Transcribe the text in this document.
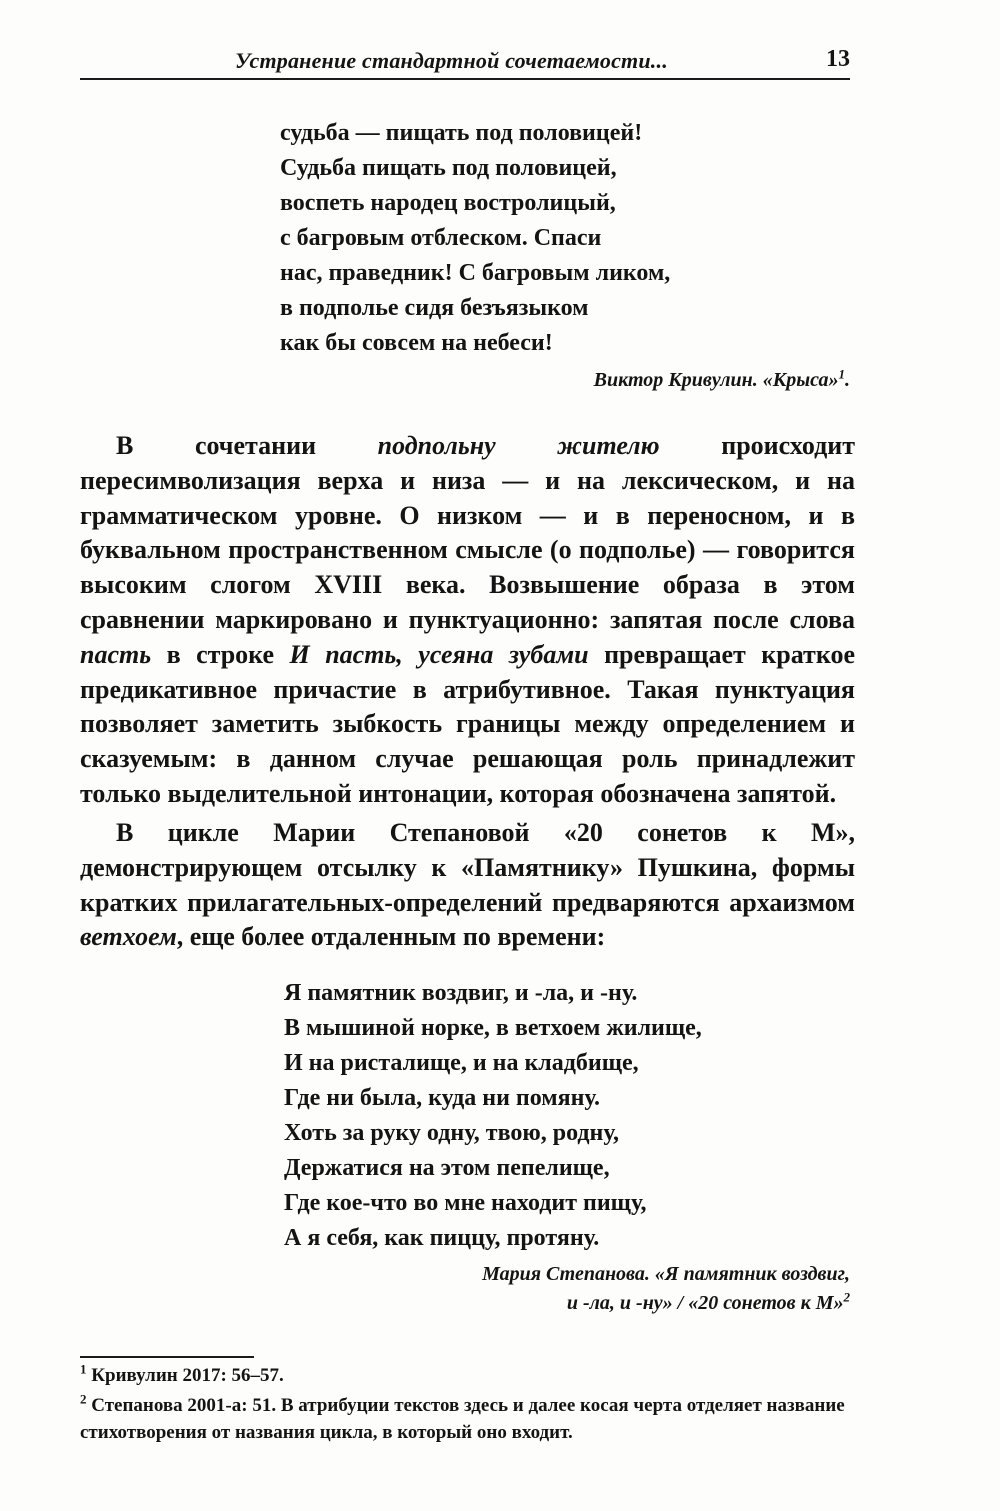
Устранение стандартной сочетаемости...	13
судьба — пищать под половицей!
Судьба пищать под половицей,
воспеть народец востролицый,
с багровым отблеском. Спаси
нас, праведник! С багровым ликом,
в подполье сидя безъязыком
как бы совсем на небеси!
Виктор Кривулин. «Крыса»$^1$.

В сочетании подпольну жителю происходит пересимволизация верха и низа — и на лексическом, и на грамматическом уровне. О низком — и в переносном, и в буквальном пространственном смысле (о подполье) — говорится высоким слогом XVIII века. Возвышение образа в этом сравнении маркировано и пунктуационно: запятая после слова пасть в строке И пасть, усеяна зубами превращает краткое предикативное причастие в атрибутивное. Такая пунктуация позволяет заметить зыбкость границы между определением и сказуемым: в данном случае решающая роль принадлежит только выделительной интонации, которая обозначена запятой.

В цикле Марии Степановой «20 сонетов к М», демонстрирующем отсылку к «Памятнику» Пушкина, формы кратких прилагательных-определений предваряются архаизмом ветхоем, еще более отдаленным по времени:

Я памятник воздвиг, и -ла, и -ну.
В мышиной норке, в ветхоем жилище,
И на ристалище, и на кладбище,
Где ни была, куда ни помяну.
Хоть за руку одну, твою, родну,
Держатися на этом пепелище,
Где кое-что во мне находит пищу,
А я себя, как пиццу, протяну.
Мария Степанова. «Я памятник воздвиг,
и -ла, и -ну» / «20 сонетов к М»$^2$
$^1$ Кривулин 2017: 56–57.
$^2$ Степанова 2001-а: 51. В атрибуции текстов здесь и далее косая черта отделяет название стихотворения от названия цикла, в который оно входит.
